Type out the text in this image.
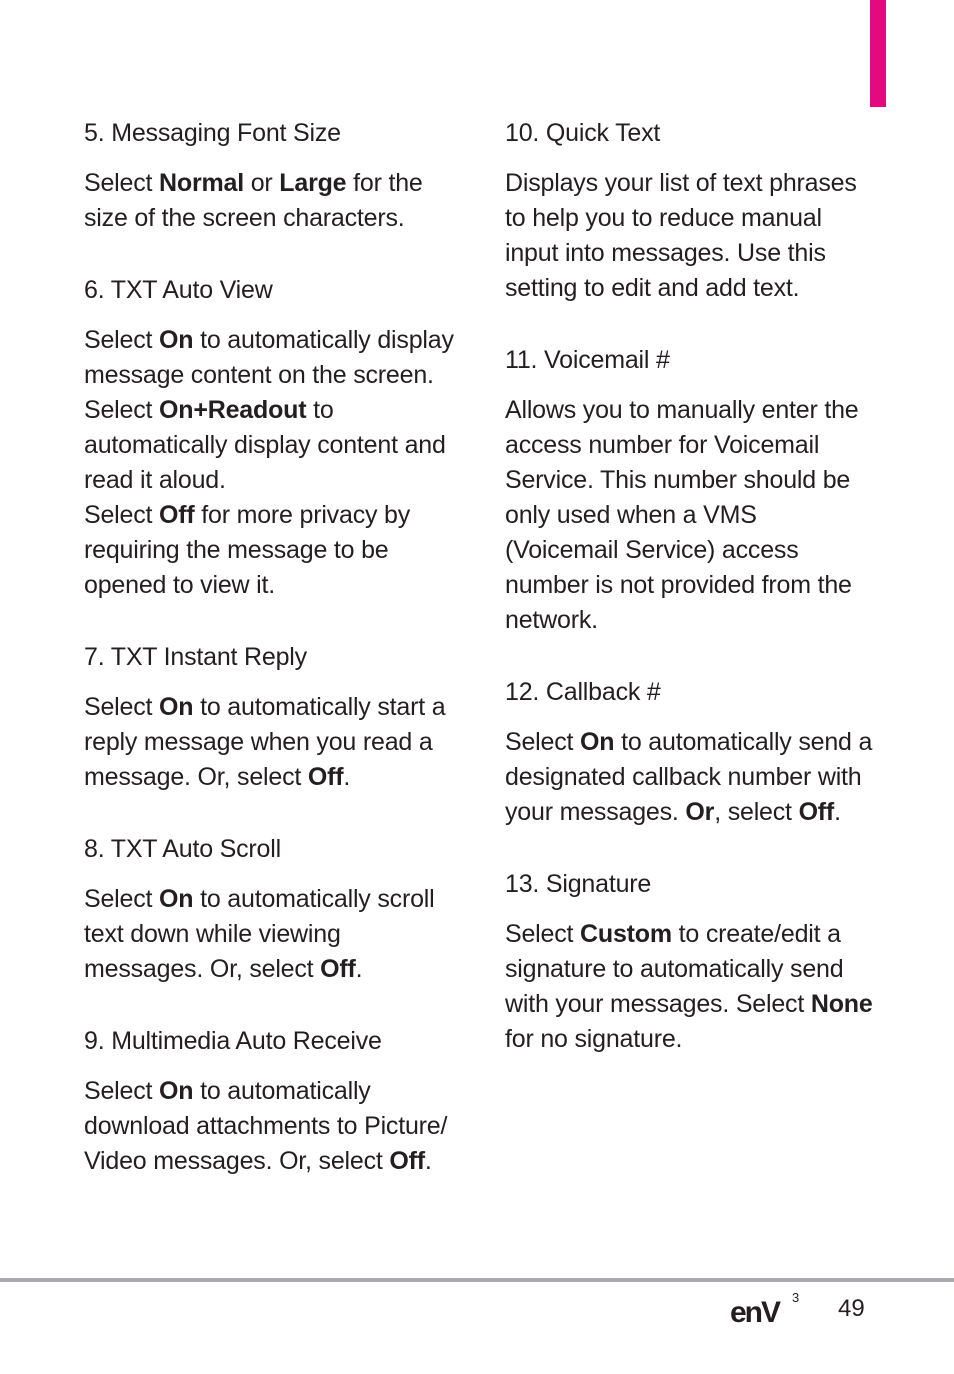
5. Messaging Font Size

Select Normal or Large for the size of the screen characters.

6. TXT Auto View

Select On to automatically display message content on the screen.

Select On+Readout to automatically display content and read it aloud.

Select Off for more privacy by requiring the message to be opened to view it.

7. TXT Instant Reply

Select On to automatically start a reply message when you read a message. Or, select Off.

8. TXT Auto Scroll

Select On to automatically scroll text down while viewing messages. Or, select Off.

9. Multimedia Auto Receive

Select On to automatically download attachments to Picture/ Video messages. Or, select Off.

10. Quick Text

Displays your list of text phrases to help you to reduce manual input into messages. Use this setting to edit and add text.

11. Voicemail #

Allows you to manually enter the access number for Voicemail Service. This number should be only used when a VMS (Voicemail Service) access number is not provided from the network.

12. Callback #

Select On to automatically send a designated callback number with your messages. Or, select Off.

13. Signature

Select Custom to create/edit a signature to automatically send with your messages. Select None for no signature.

enV 3 49
